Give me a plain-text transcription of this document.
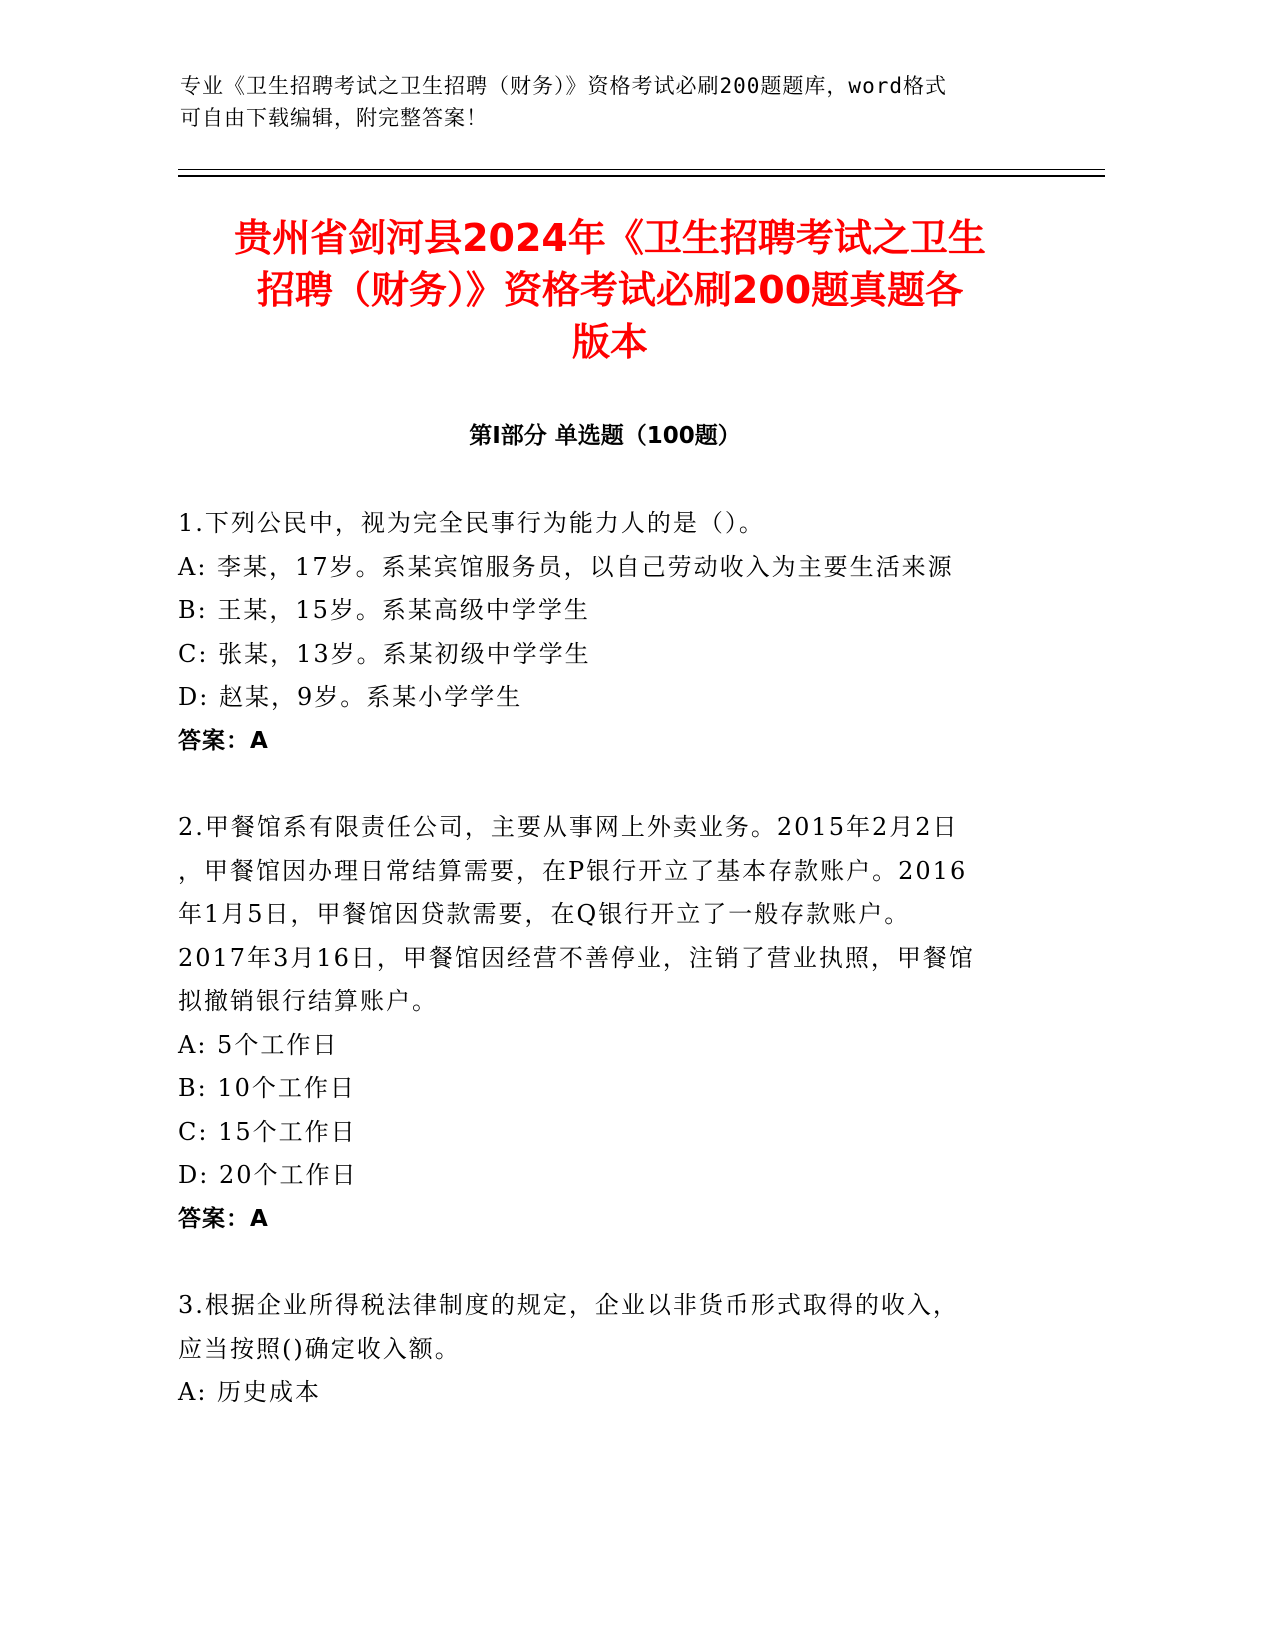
专业《卫生招聘考试之卫生招聘（财务）》资格考试必刷200题题库，word格式

可自由下载编辑，附完整答案！

贵州省剑河县2024年《卫生招聘考试之卫生
招聘（财务）》资格考试必刷200题真题各
版本
第Ⅰ部分 单选题（100题）
1.下列公民中，视为完全民事行为能力人的是（）。
A: 李某，17岁。系某宾馆服务员，以自己劳动收入为主要生活来源
B: 王某，15岁。系某高级中学学生
C: 张某，13岁。系某初级中学学生
D: 赵某，9岁。系某小学学生
答案：A
2.甲餐馆系有限责任公司，主要从事网上外卖业务。2015年2月2日
，甲餐馆因办理日常结算需要，在P银行开立了基本存款账户。2016
年1月5日，甲餐馆因贷款需要，在Q银行开立了一般存款账户。
2017年3月16日，甲餐馆因经营不善停业，注销了营业执照，甲餐馆
拟撤销银行结算账户。
A: 5个工作日
B: 10个工作日
C: 15个工作日
D: 20个工作日
答案：A
3.根据企业所得税法律制度的规定，企业以非货币形式取得的收入，
应当按照()确定收入额。
A: 历史成本
